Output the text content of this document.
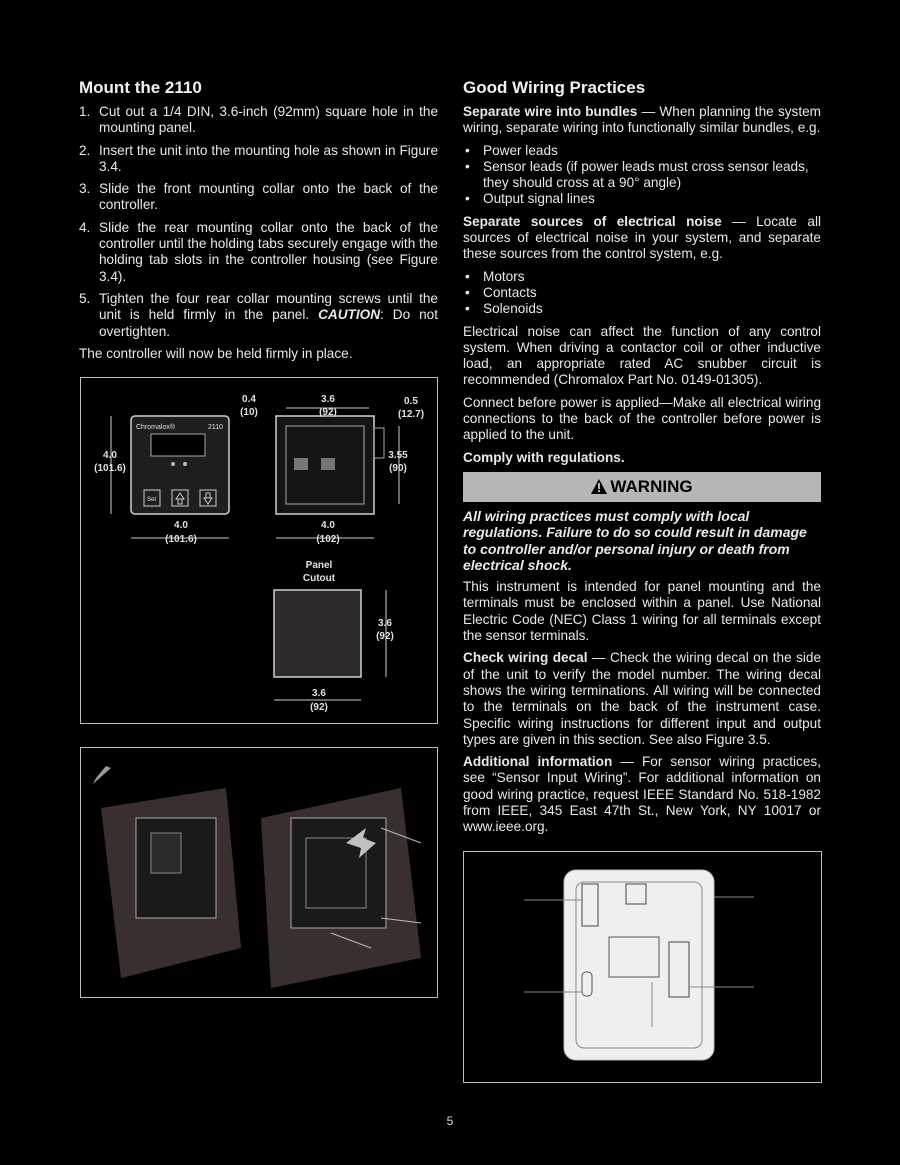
Mount the 2110
1. Cut out a 1/4 DIN, 3.6-inch (92mm) square hole in the mounting panel.
2. Insert the unit into the mounting hole as shown in Figure 3.4.
3. Slide the front mounting collar onto the back of the controller.
4. Slide the rear mounting collar onto the back of the controller until the holding tabs securely engage with the holding tab slots in the controller housing (see Figure 3.4).
5. Tighten the four rear collar mounting screws until the unit is held firmly in the panel. CAUTION: Do not overtighten.

The controller will now be held firmly in place.

Chromalox®	2110
Set
4.0
(101.6)
4.0
(101.6)
0.4
(10)
3.6
(92)
0.5
(12.7)
3.55
(90)
4.0
(102)
Panel
Cutout
3.6
(92)
3.6
(92)
Good Wiring Practices

Separate wire into bundles — When planning the system wiring, separate wiring into functionally similar bundles, e.g.

• Power leads
• Sensor leads (if power leads must cross sensor leads, they should cross at a 90° angle)
• Output signal lines

Separate sources of electrical noise — Locate all sources of electrical noise in your system, and separate these sources from the control system, e.g.

• Motors
• Contacts
• Solenoids

Electrical noise can affect the function of any control system. When driving a contactor coil or other inductive load, an appropriate rated AC snubber circuit is recommended (Chromalox Part No. 0149-01305).

Connect before power is applied—Make all electrical wiring connections to the back of the controller before power is applied to the unit.

Comply with regulations.

WARNING
All wiring practices must comply with local regulations. Failure to do so could result in damage to controller and/or personal injury or death from electrical shock.

This instrument is intended for panel mounting and the terminals must be enclosed within a panel. Use National Electric Code (NEC) Class 1 wiring for all terminals except the sensor terminals.

Check wiring decal — Check the wiring decal on the side of the unit to verify the model number. The wiring decal shows the wiring terminations. All wiring will be connected to the terminals on the back of the instrument case. Specific wiring instructions for different input and output types are given in this section. See also Figure 3.5.

Additional information — For sensor wiring practices, see “Sensor Input Wiring”. For additional information on good wiring practice, request IEEE Standard No. 518-1982 from IEEE, 345 East 47th St., New York, NY 10017 or www.ieee.org.

5
